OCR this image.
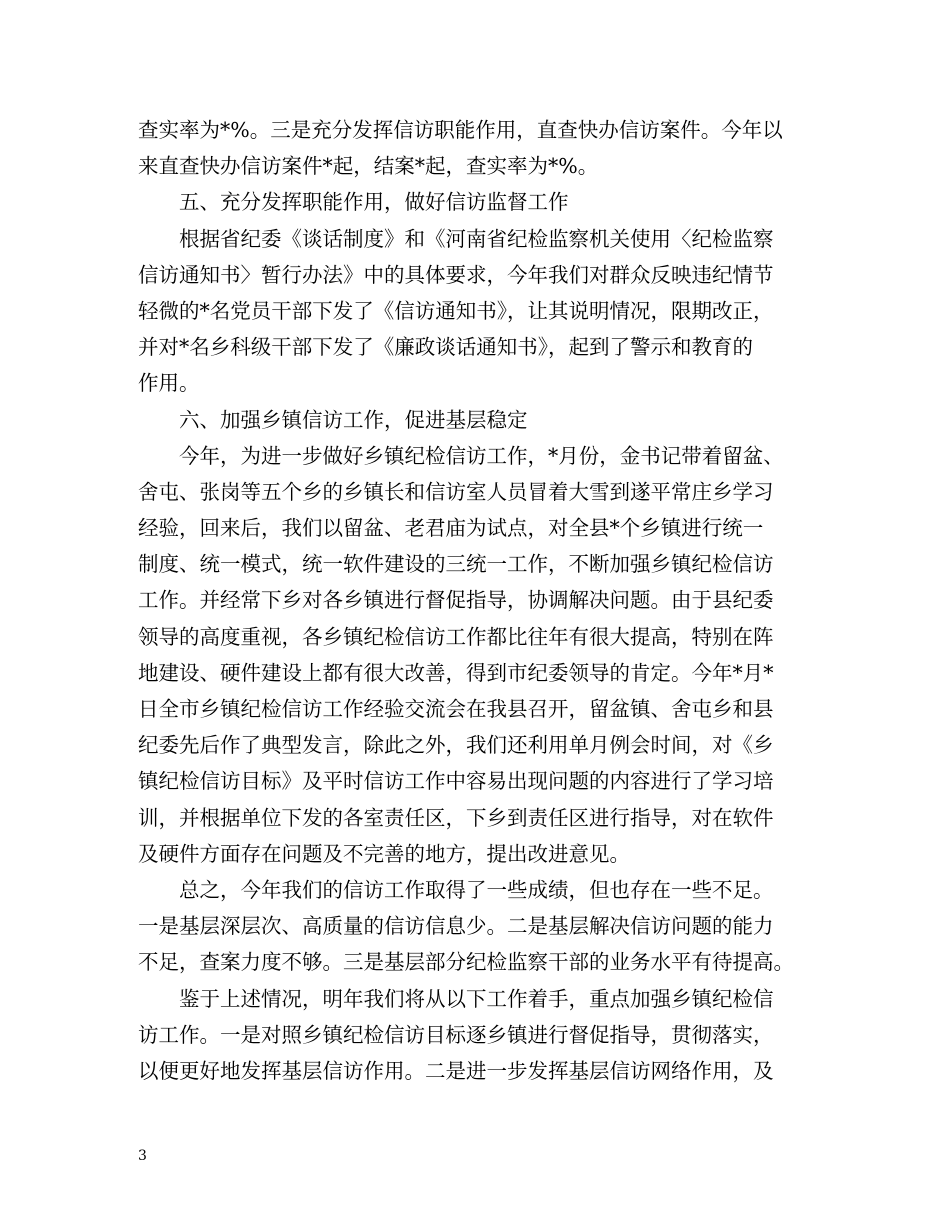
查实率为*%。三是充分发挥信访职能作用，直查快办信访案件。今年以
来直查快办信访案件*起，结案*起，查实率为*%。
五、充分发挥职能作用，做好信访监督工作
根据省纪委《谈话制度》和《河南省纪检监察机关使用〈纪检监察
信访通知书〉暂行办法》中的具体要求，今年我们对群众反映违纪情节
轻微的*名党员干部下发了《信访通知书》，让其说明情况，限期改正，
并对*名乡科级干部下发了《廉政谈话通知书》，起到了警示和教育的
作用。
六、加强乡镇信访工作，促进基层稳定
今年，为进一步做好乡镇纪检信访工作，*月份，金书记带着留盆、
舍屯、张岗等五个乡的乡镇长和信访室人员冒着大雪到遂平常庄乡学习
经验，回来后，我们以留盆、老君庙为试点，对全县*个乡镇进行统一
制度、统一模式，统一软件建设的三统一工作，不断加强乡镇纪检信访
工作。并经常下乡对各乡镇进行督促指导，协调解决问题。由于县纪委
领导的高度重视，各乡镇纪检信访工作都比往年有很大提高，特别在阵
地建设、硬件建设上都有很大改善，得到市纪委领导的肯定。今年*月*
日全市乡镇纪检信访工作经验交流会在我县召开，留盆镇、舍屯乡和县
纪委先后作了典型发言，除此之外，我们还利用单月例会时间，对《乡
镇纪检信访目标》及平时信访工作中容易出现问题的内容进行了学习培
训，并根据单位下发的各室责任区，下乡到责任区进行指导，对在软件
及硬件方面存在问题及不完善的地方，提出改进意见。
总之，今年我们的信访工作取得了一些成绩，但也存在一些不足。
一是基层深层次、高质量的信访信息少。二是基层解决信访问题的能力
不足，查案力度不够。三是基层部分纪检监察干部的业务水平有待提高。
鉴于上述情况，明年我们将从以下工作着手，重点加强乡镇纪检信
访工作。一是对照乡镇纪检信访目标逐乡镇进行督促指导，贯彻落实，
以便更好地发挥基层信访作用。二是进一步发挥基层信访网络作用，及
3
